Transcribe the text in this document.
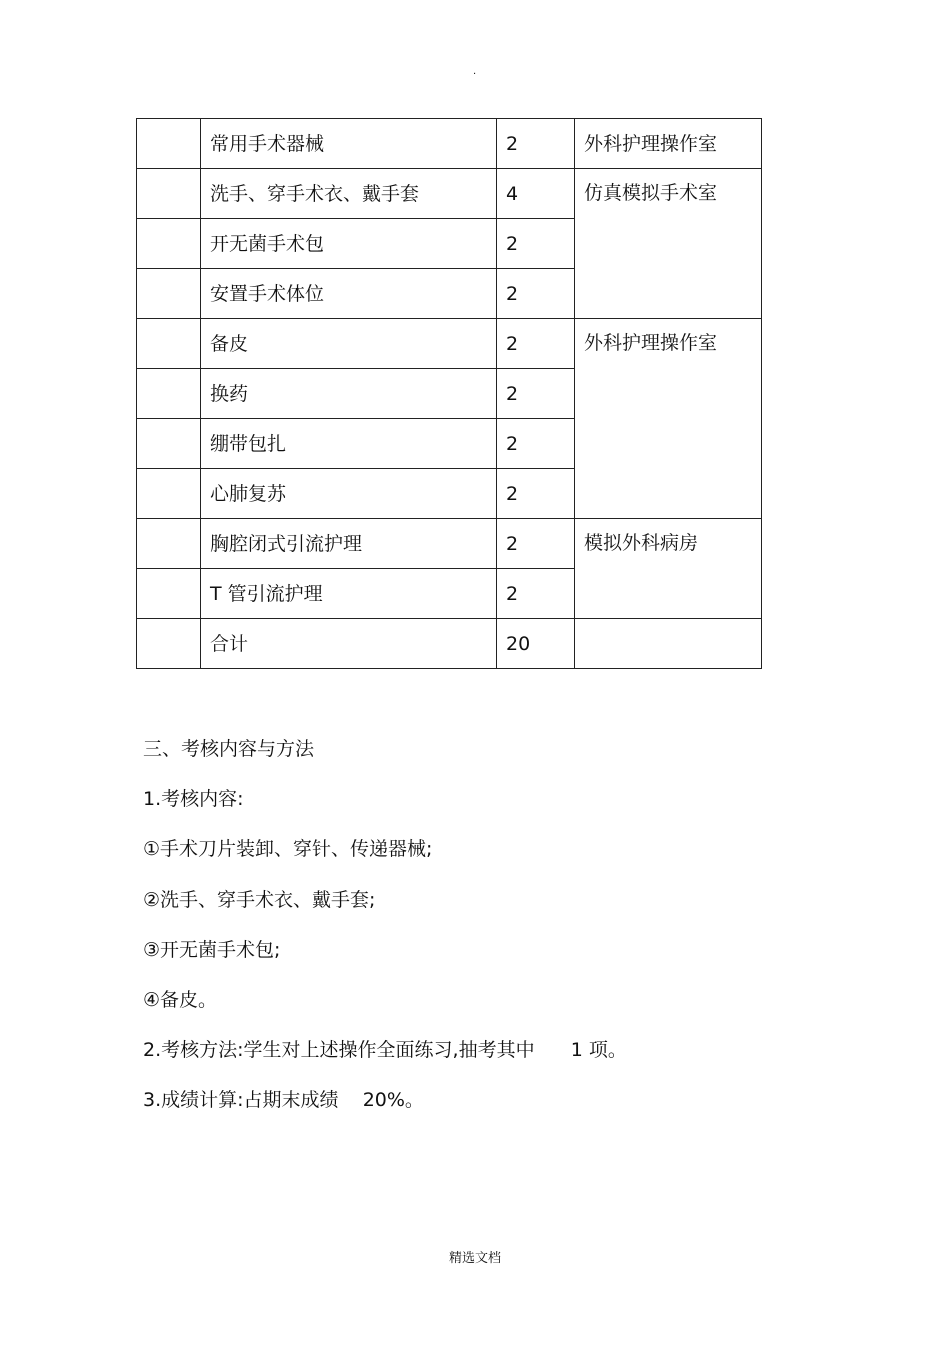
·
	常用手术器械	2	外科护理操作室
	洗手、穿手术衣、戴手套	4	仿真模拟手术室
	开无菌手术包	2	
	安置手术体位	2	
	备皮	2	外科护理操作室
	换药	2	
	绷带包扎	2	
	心肺复苏	2	
	胸腔闭式引流护理	2	模拟外科病房
	T 管引流护理	2	
	合计	20	
三、考核内容与方法
1.考核内容:
①手术刀片装卸、穿针、传递器械;
②洗手、穿手术衣、戴手套;
③开无菌手术包;
④备皮。
2.考核方法:学生对上述操作全面练习,抽考其中      1 项。
3.成绩计算:占期末成绩    20%。
精选文档
